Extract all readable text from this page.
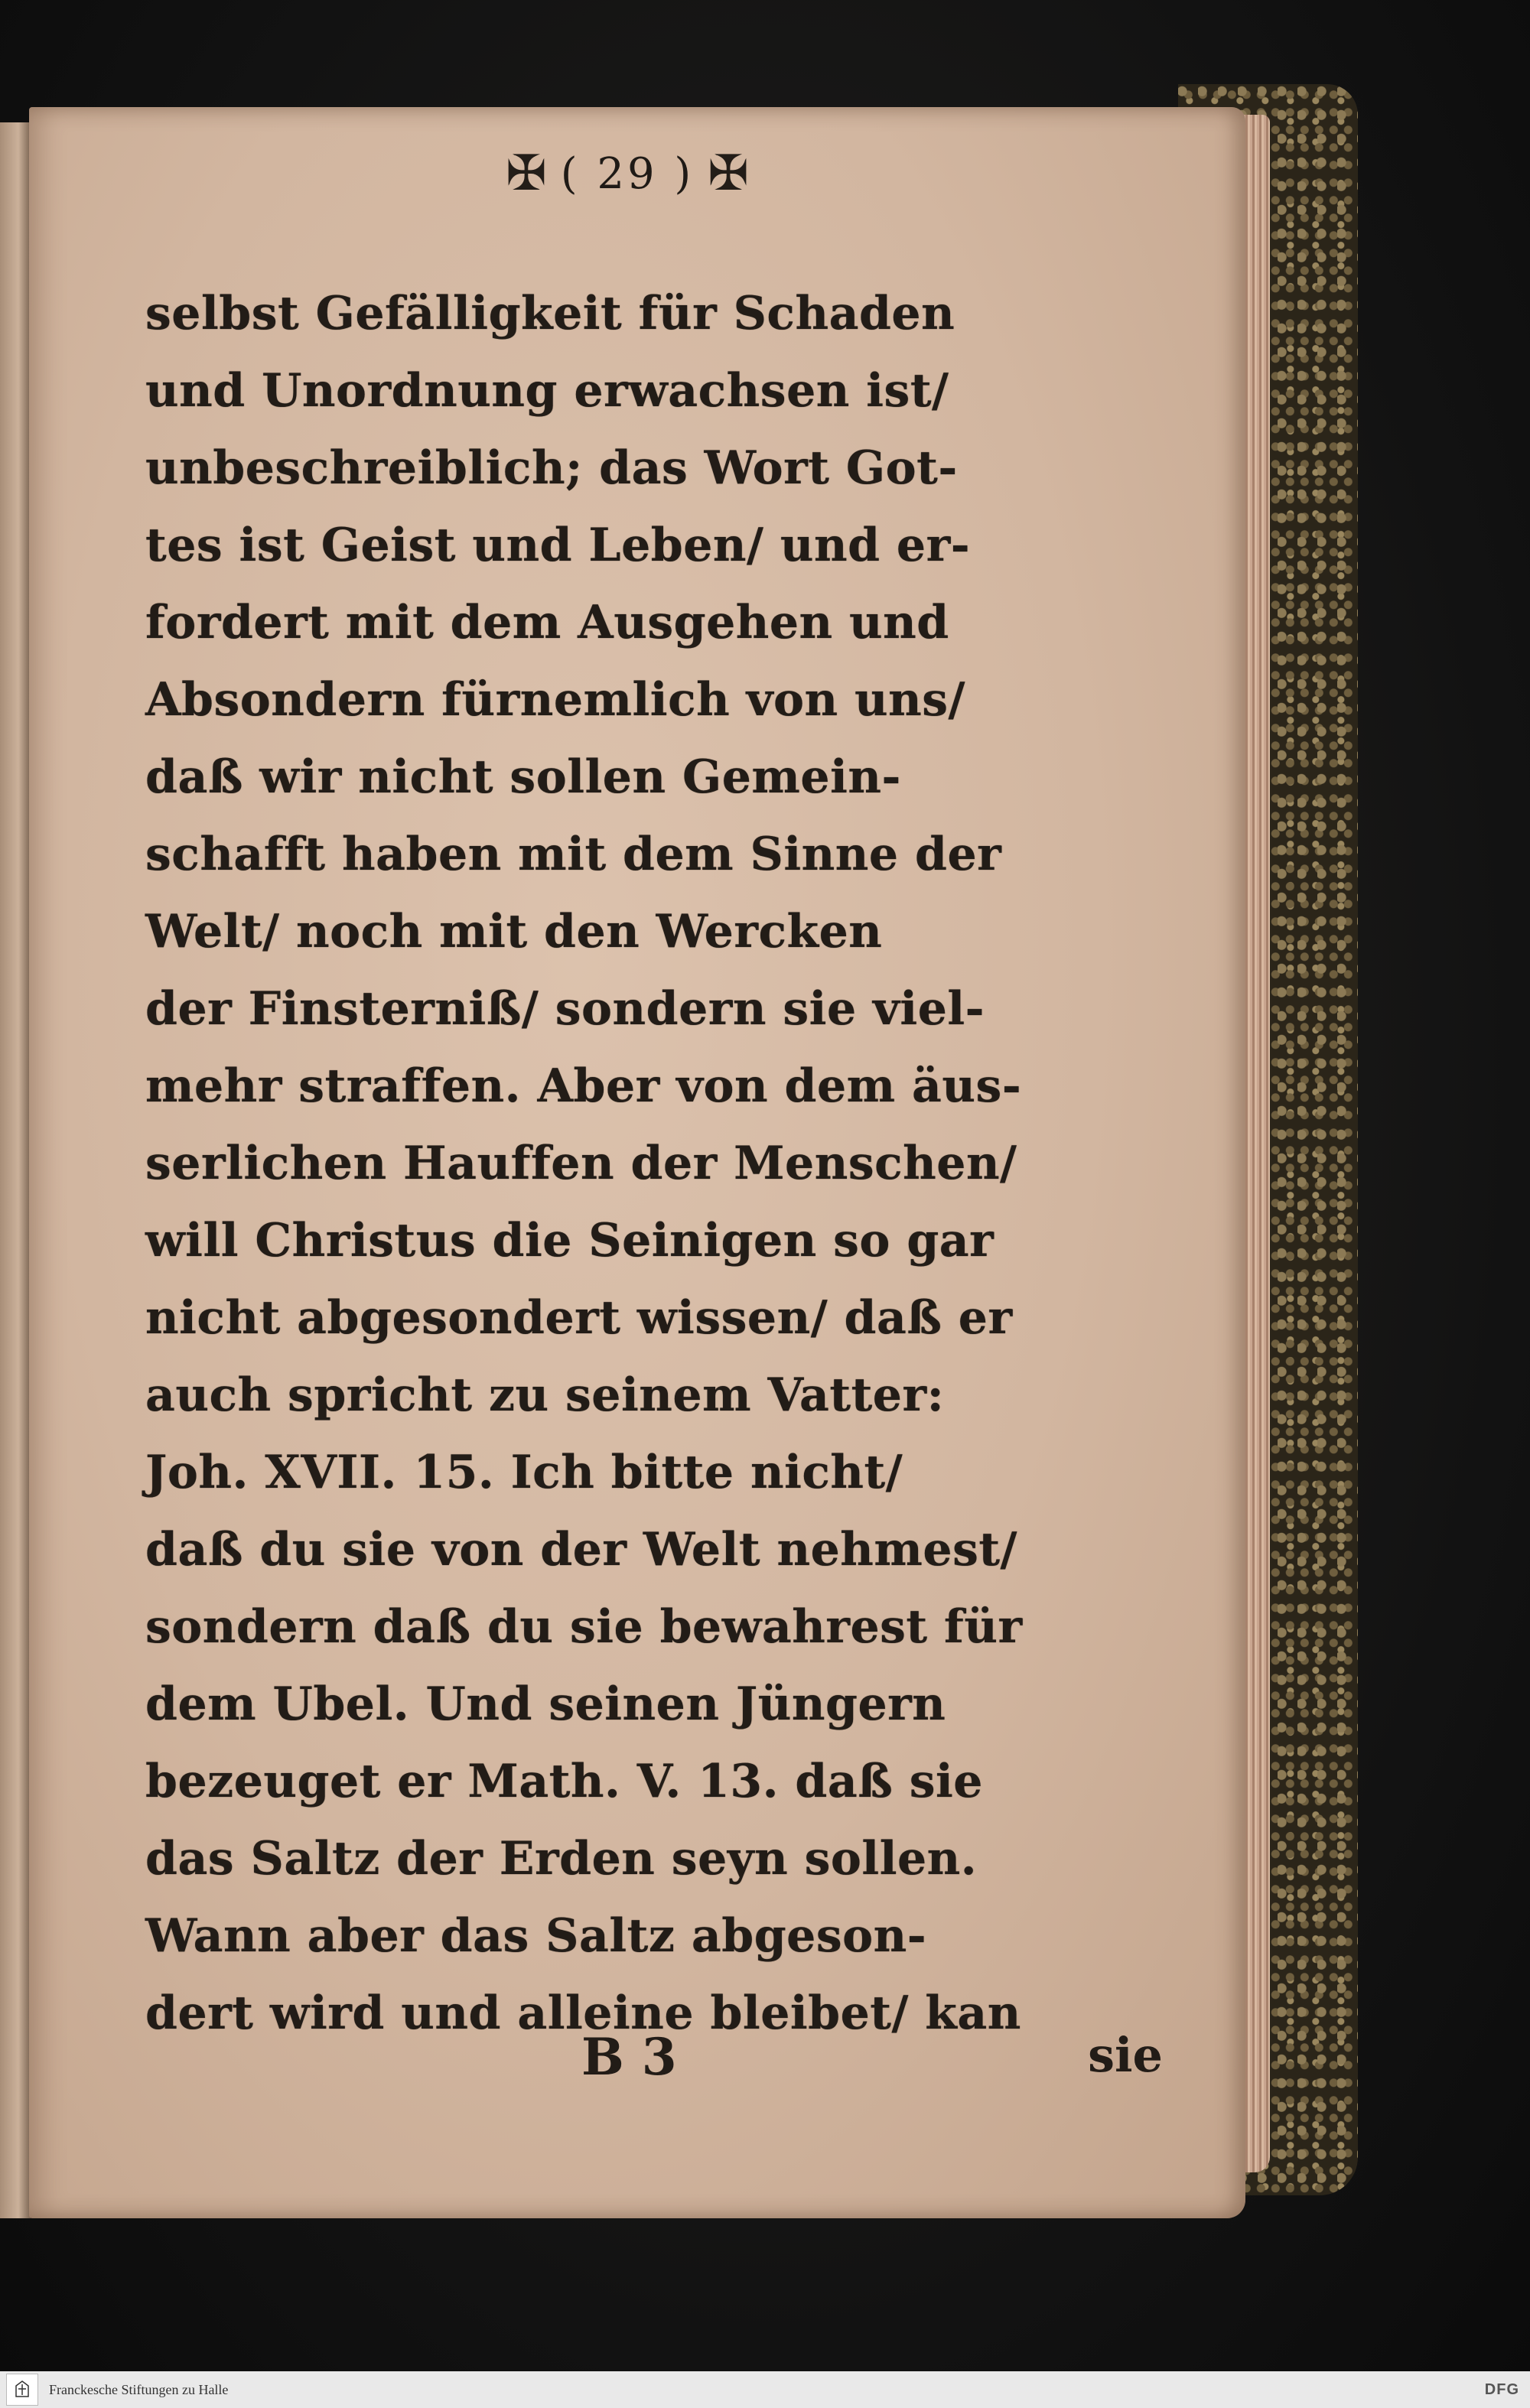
✠ ( 29 ) ✠
selbst Gefälligkeit für Schaden
und Unordnung erwachsen ist/
unbeschreiblich; das Wort Got-
tes ist Geist und Leben/ und er-
fordert mit dem Ausgehen und
Absondern fürnemlich von uns/
daß wir nicht sollen Gemein-
schafft haben mit dem Sinne der
Welt/ noch mit den Wercken
der Finsterniß/ sondern sie viel-
mehr straffen. Aber von dem äus-
serlichen Hauffen der Menschen/
will Christus die Seinigen so gar
nicht abgesondert wissen/ daß er
auch spricht zu seinem Vatter:
Joh. XVII. 15. Ich bitte nicht/
daß du sie von der Welt nehmest/
sondern daß du sie bewahrest für
dem Ubel. Und seinen Jüngern
bezeuget er Math. V. 13. daß sie
das Saltz der Erden seyn sollen.
Wann aber das Saltz abgeson-
dert wird und alleine bleibet/ kan
B 3	sie
Franckesche Stiftungen zu Halle	DFG
